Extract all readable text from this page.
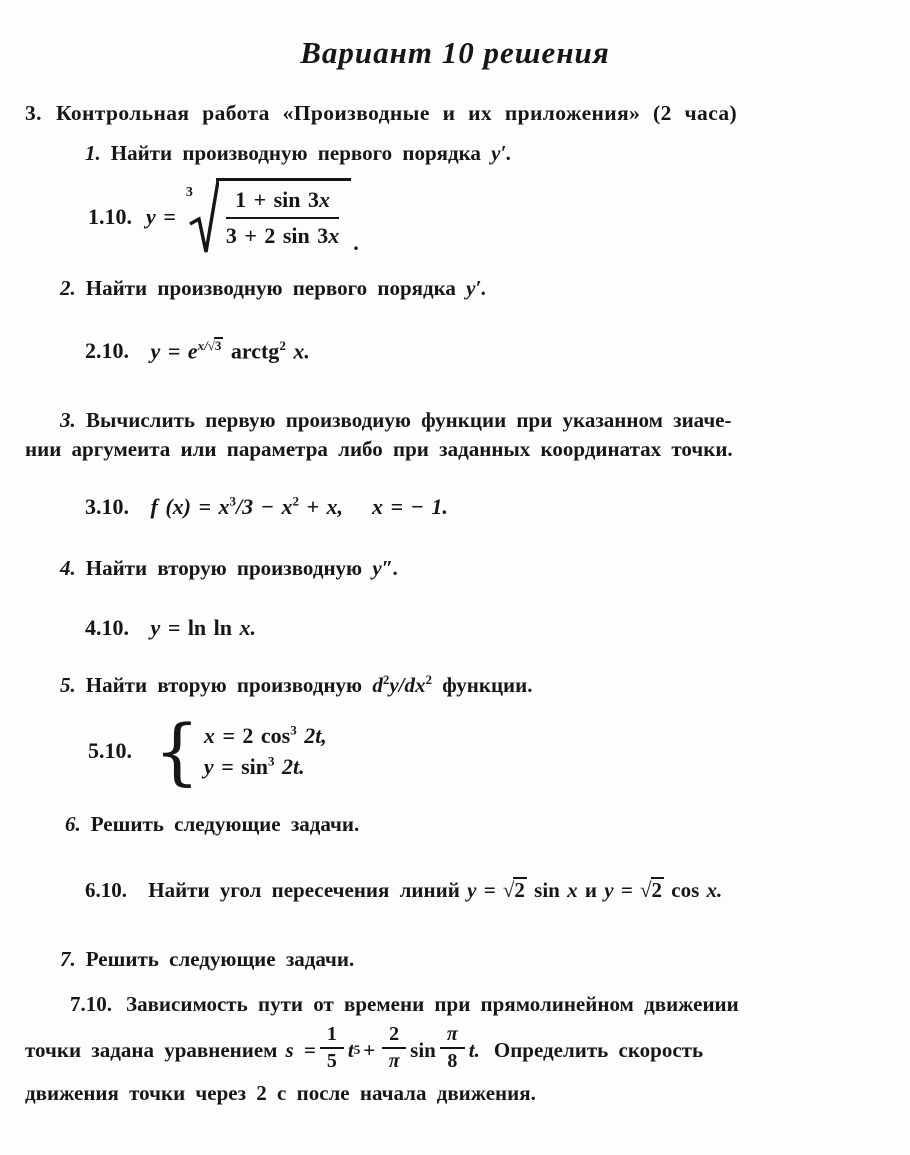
Вариант 10 решения
3. Контрольная работа «Производные и их приложения» (2 часа)
1. Найти производную первого порядка y′.
1.10. y =
$3 \frac{1 + \sin 3x}{3 + 2 \sin 3x}$ .
2. Найти производную первого порядка y′.
2.10. $y = e^{x/√3}$ arctg$^2$ x.
3. Вычислить первую производиую функции при указанном зиаче-
нии аргумеита или параметра либо при заданных координатах точки.
3.10. f $(x) = x^3/3 - x^2 + x$, x = − 1.
4. Найти вторую производную y″.
4.10. y = ln ln x.
5. Найти вторую производную $d^2y/dx^2$ функции.
5.10. { x = 2 $\cos^3 2t$,
$y = \sin^3 2t$.
6. Решить следующие задачи.
6.10. Найти угол пересечения линий y = √2 sin x и y = √2 cos x.
7. Решить следующие задачи.
7.10. Зависимость пути от времени при прямолинейном движеиии
точки задана уравнением $s = \frac{1}{5}$ t $5 + \frac{2}{\pi}$ $\sin \frac{\pi}{8} t$. Определить скорость
движения точки через 2 с после начала движения.
